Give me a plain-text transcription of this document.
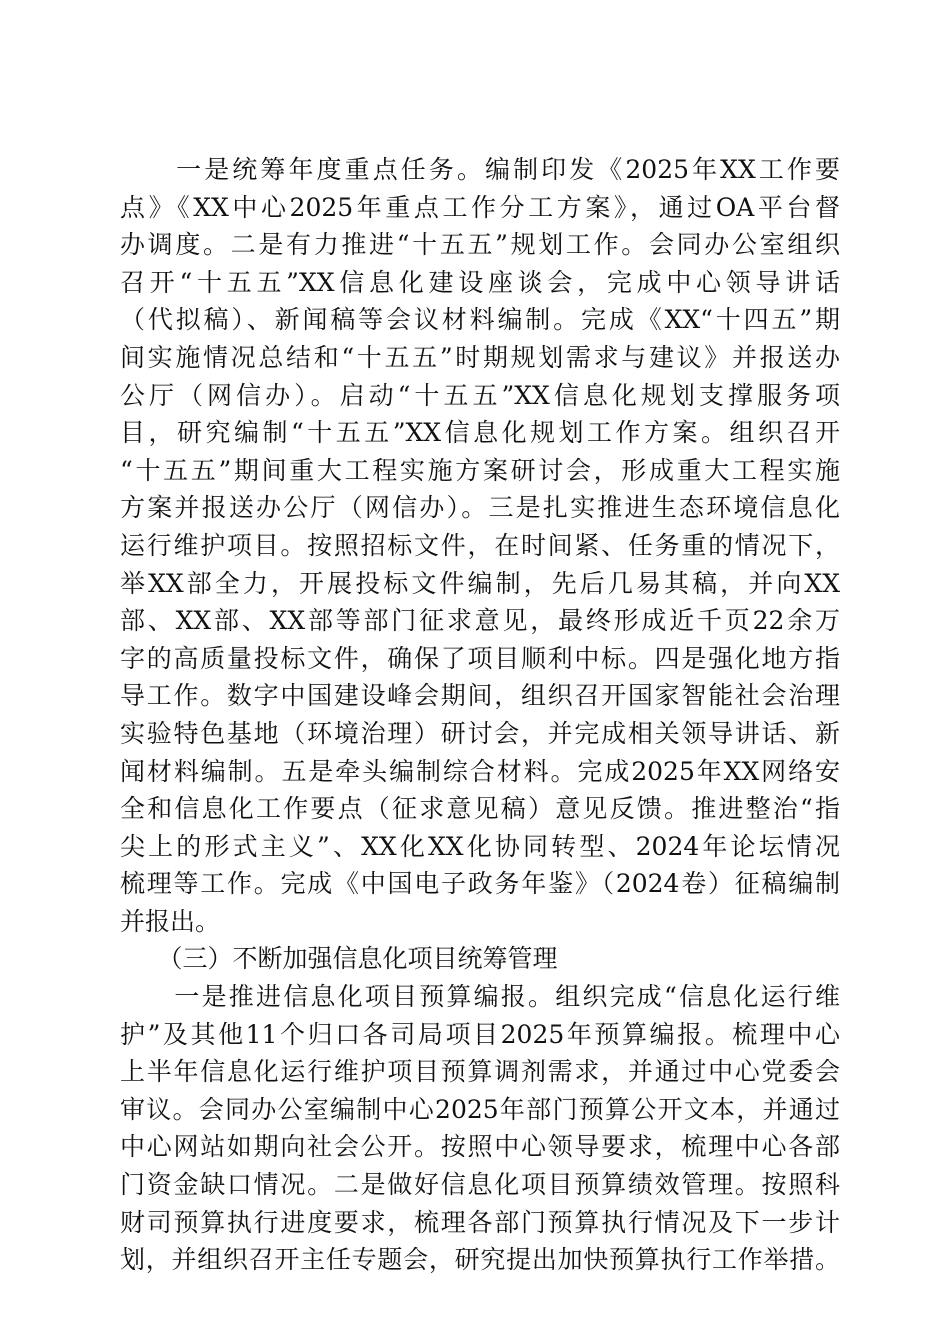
　　一是统筹年度重点任务。编制印发《2025年XX工作要
点》《XX中心2025年重点工作分工方案》，通过OA平台督
办调度。二是有力推进“十五五”规划工作。会同办公室组织
召开“十五五”XX信息化建设座谈会，完成中心领导讲话
（代拟稿）、新闻稿等会议材料编制。完成《XX“十四五”期
间实施情况总结和“十五五”时期规划需求与建议》并报送办
公厅（网信办）。启动“十五五”XX信息化规划支撑服务项
目，研究编制“十五五”XX信息化规划工作方案。组织召开
“十五五”期间重大工程实施方案研讨会，形成重大工程实施
方案并报送办公厅（网信办）。三是扎实推进生态环境信息化
运行维护项目。按照招标文件，在时间紧、任务重的情况下，
举XX部全力，开展投标文件编制，先后几易其稿，并向XX
部、XX部、XX部等部门征求意见，最终形成近千页22余万
字的高质量投标文件，确保了项目顺利中标。四是强化地方指
导工作。数字中国建设峰会期间，组织召开国家智能社会治理
实验特色基地（环境治理）研讨会，并完成相关领导讲话、新
闻材料编制。五是牵头编制综合材料。完成2025年XX网络安
全和信息化工作要点（征求意见稿）意见反馈。推进整治“指
尖上的形式主义”、XX化XX化协同转型、2024年论坛情况
梳理等工作。完成《中国电子政务年鉴》（2024卷）征稿编制
并报出。
　　（三）不断加强信息化项目统筹管理
　　一是推进信息化项目预算编报。组织完成“信息化运行维
护”及其他11个归口各司局项目2025年预算编报。梳理中心
上半年信息化运行维护项目预算调剂需求，并通过中心党委会
审议。会同办公室编制中心2025年部门预算公开文本，并通过
中心网站如期向社会公开。按照中心领导要求，梳理中心各部
门资金缺口情况。二是做好信息化项目预算绩效管理。按照科
财司预算执行进度要求，梳理各部门预算执行情况及下一步计
划，并组织召开主任专题会，研究提出加快预算执行工作举措。
